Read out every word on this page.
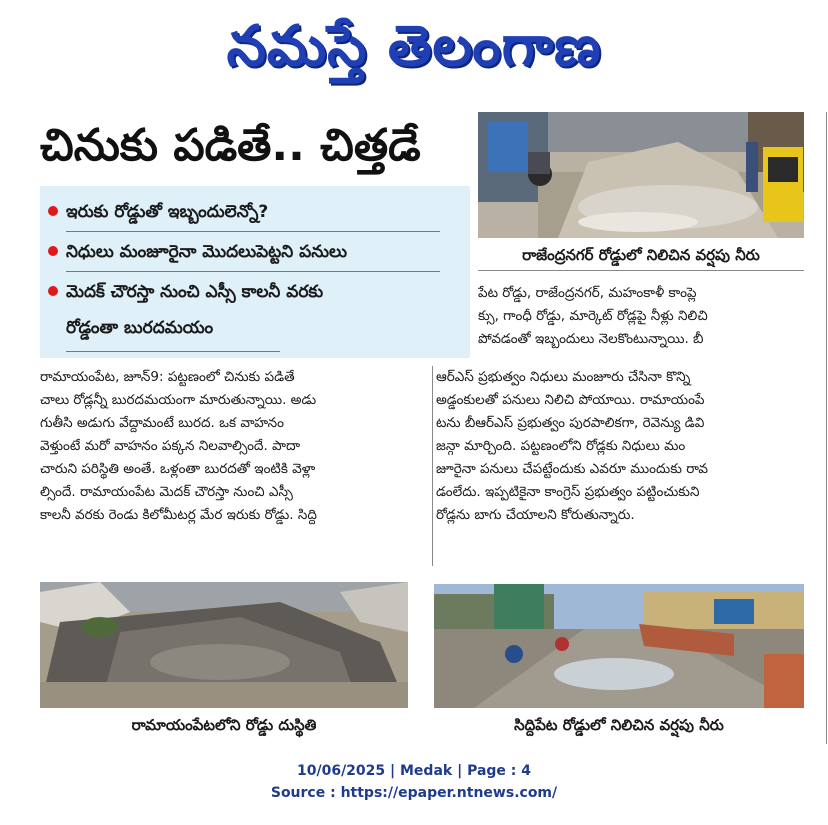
నమస్తే తెలంగాణ
చినుకు పడితే.. చిత్తడే
ఇరుకు రోడ్డుతో ఇబ్బందులెన్నో?
నిధులు మంజూరైనా మొదలుపెట్టని పనులు
మెదక్ చౌరస్తా నుంచి ఎస్సీ కాలనీ వరకు
రోడ్డంతా బురదమయం
రాజేంద్రనగర్ రోడ్డులో నిలిచిన వర్షపు నీరు

పేట రోడ్డు, రాజేంద్రనగర్, మహంకాళీ కాంప్లె

క్సు, గాంధీ రోడ్డు, మార్కెట్ రోడ్లపై నీళ్లు నిలిచి

పోవడంతో ఇబ్బందులు నెలకొంటున్నాయి. బీ

రామాయంపేట, జూన్9: పట్టణంలో చినుకు పడితే

చాలు రోడ్లన్నీ బురదమయంగా మారుతున్నాయి. అడు

గుతీసి అడుగు వేద్దామంటే బురద. ఒక వాహనం

వెళ్తుంటే మరో వాహనం పక్కన నిలవాల్సిందే. పాదా

చారుని పరిస్థితి అంతే. ఒళ్లంతా బురదతో ఇంటికి వెళ్లా

ల్సిందే. రామాయంపేట మెదక్ చౌరస్తా నుంచి ఎస్సీ

కాలనీ వరకు రెండు కిలోమీటర్ల మేర ఇరుకు రోడ్డు. సిద్ది

ఆర్ఎస్ ప్రభుత్వం నిధులు మంజూరు చేసినా కొన్ని

అడ్డంకులతో పనులు నిలిచి పోయాయి. రామాయంపే

టను బీఆర్ఎస్ ప్రభుత్వం పురపాలికగా, రెవెన్యు డివి

జన్గా మార్చింది. పట్టణంలోని రోడ్లకు నిధులు మం

జూరైనా పనులు చేపట్టేందుకు ఎవరూ ముందుకు రావ

డంలేదు. ఇప్పటికైనా కాంగ్రెస్ ప్రభుత్వం పట్టించుకుని

రోడ్లను బాగు చేయాలని కోరుతున్నారు.

రామాయంపేటలోని రోడ్డు దుస్థితి	సిద్దిపేట రోడ్డులో నిలిచిన వర్షపు నీరు
10/06/2025 | Medak | Page : 4
Source : https://epaper.ntnews.com/
